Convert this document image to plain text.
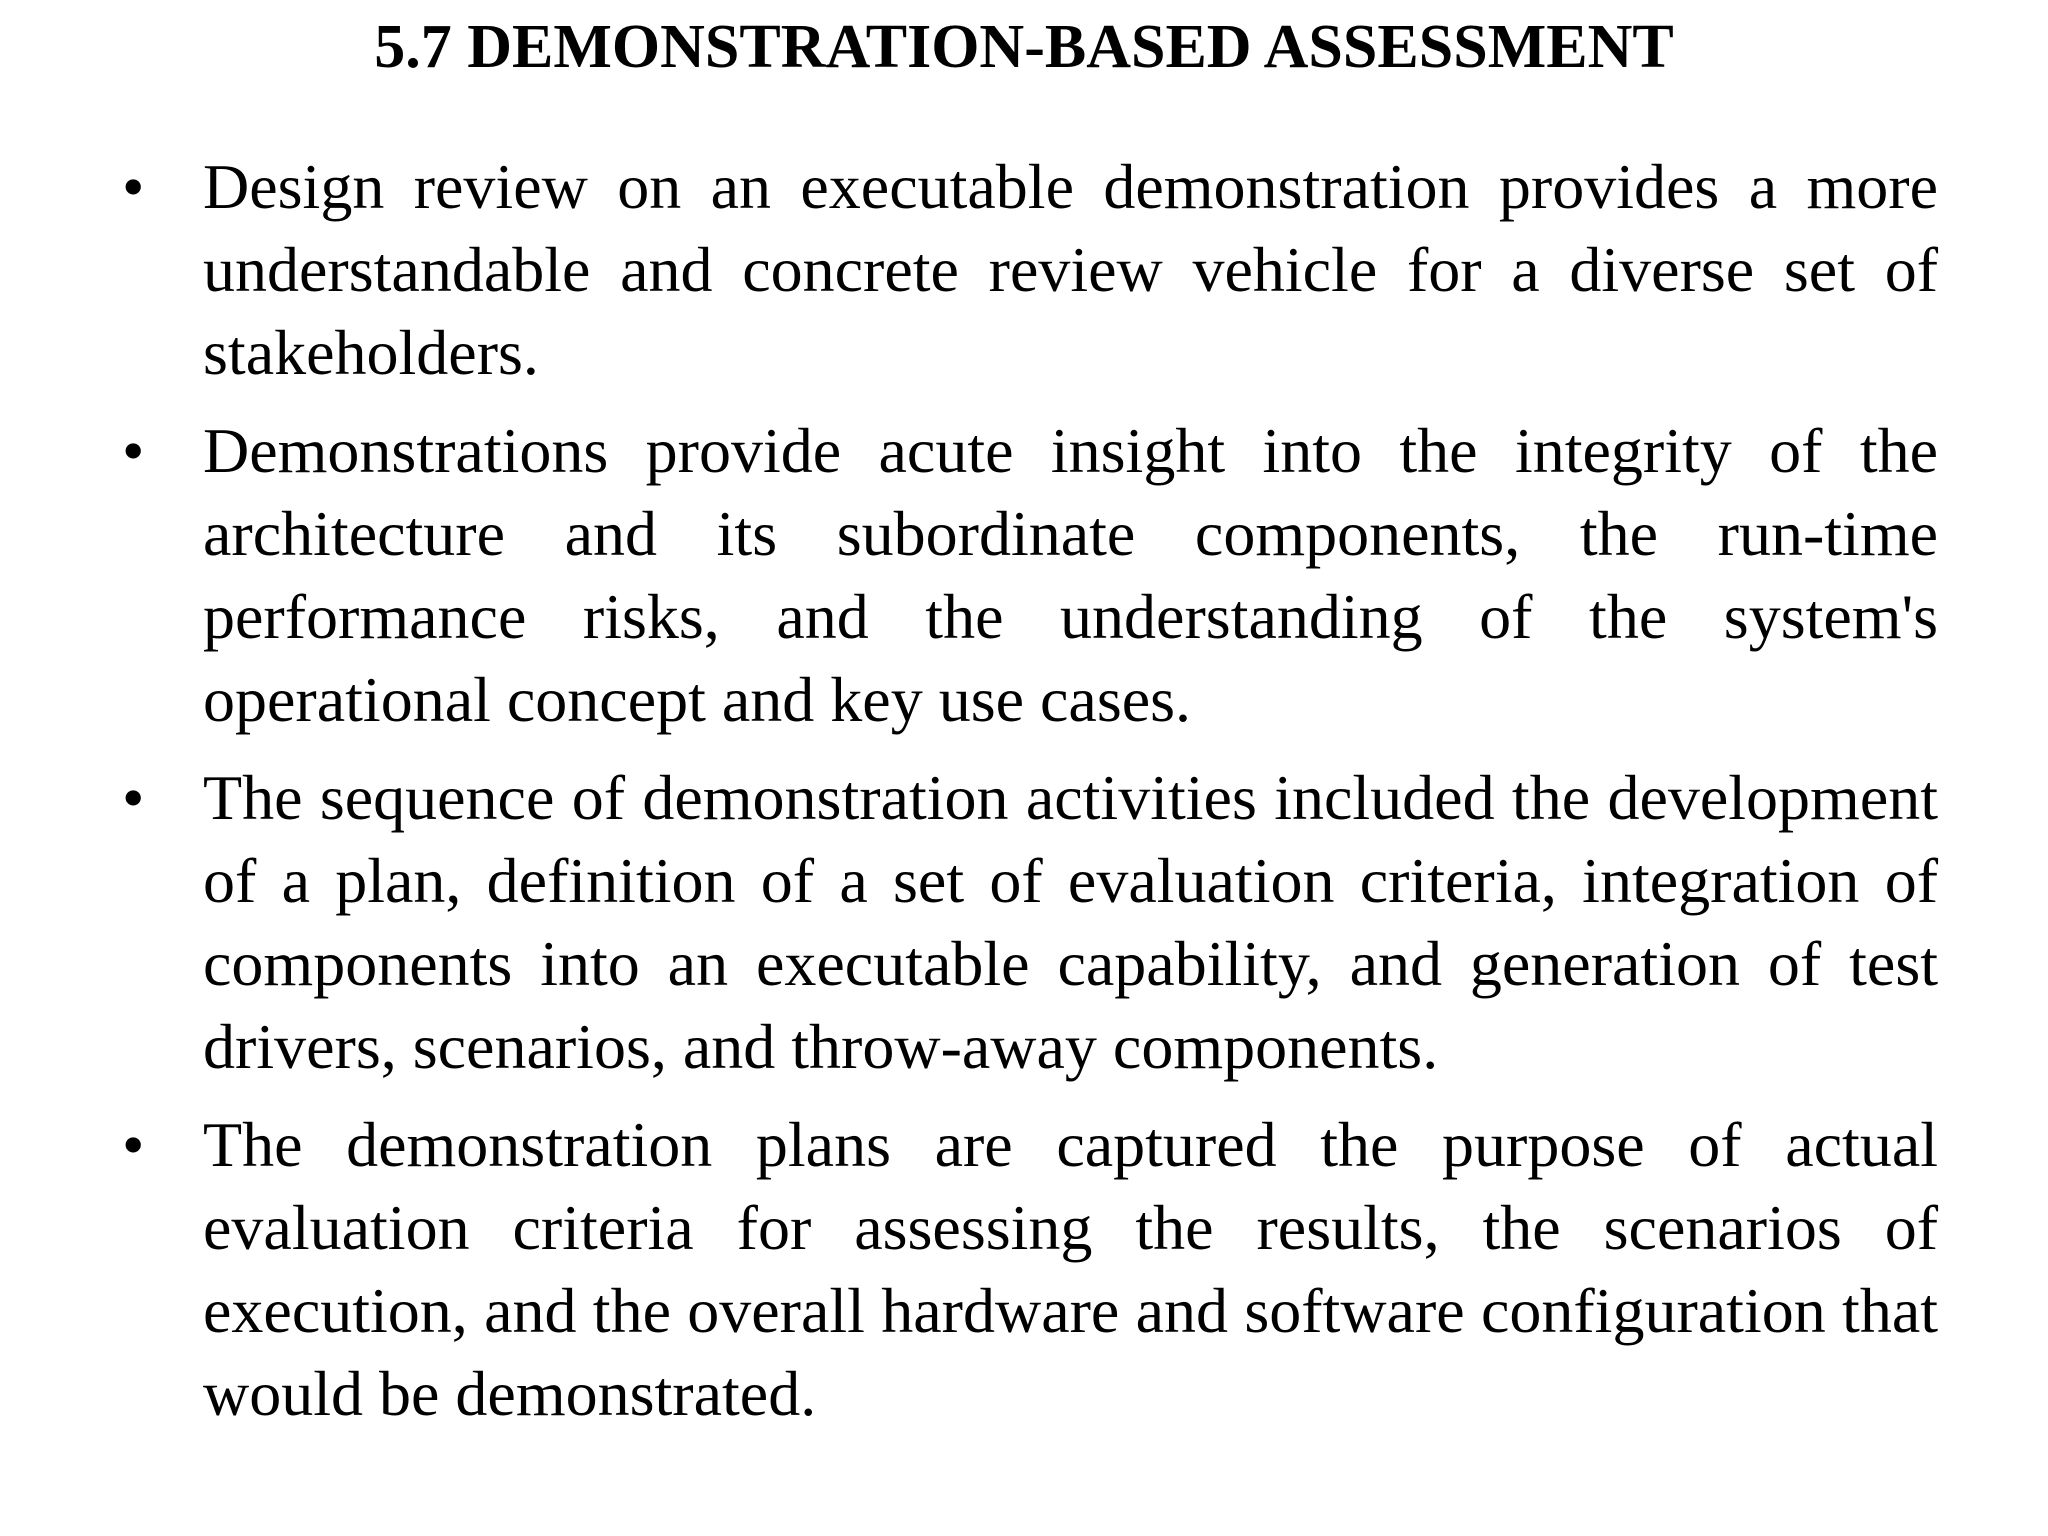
5.7 DEMONSTRATION-BASED ASSESSMENT
• Design review on an executable demonstration provides a more understandable and concrete review vehicle for a diverse set of stakeholders.
• Demonstrations provide acute insight into the integrity of the architecture and its subordinate components, the run-time performance risks, and the understanding of the system's operational concept and key use cases.
• The sequence of demonstration activities included the development of a plan, definition of a set of evaluation criteria, integration of components into an executable capability, and generation of test drivers, scenarios, and throw-away components.
• The demonstration plans are captured the purpose of actual evaluation criteria for assessing the results, the scenarios of execution, and the overall hardware and software configuration that would be demonstrated.
